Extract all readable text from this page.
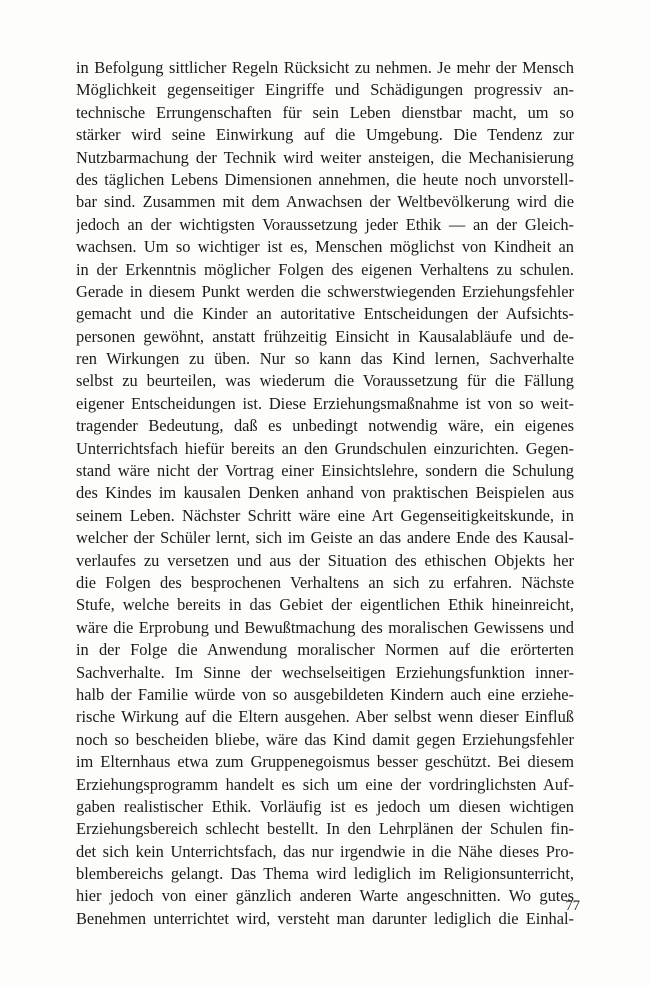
in Befolgung sittlicher Regeln Rücksicht zu nehmen. Je mehr der Mensch
Möglichkeit gegenseitiger Eingriffe und Schädigungen progressiv an-
technische Errungenschaften für sein Leben dienstbar macht, um so
stärker wird seine Einwirkung auf die Umgebung. Die Tendenz zur
Nutzbarmachung der Technik wird weiter ansteigen, die Mechanisierung
des täglichen Lebens Dimensionen annehmen, die heute noch unvorstell-
bar sind. Zusammen mit dem Anwachsen der Weltbevölkerung wird die
jedoch an der wichtigsten Voraussetzung jeder Ethik — an der Gleich-
wachsen. Um so wichtiger ist es, Menschen möglichst von Kindheit an
in der Erkenntnis möglicher Folgen des eigenen Verhaltens zu schulen.
Gerade in diesem Punkt werden die schwerstwiegenden Erziehungsfehler
gemacht und die Kinder an autoritative Entscheidungen der Aufsichts-
personen gewöhnt, anstatt frühzeitig Einsicht in Kausalabläufe und de-
ren Wirkungen zu üben. Nur so kann das Kind lernen, Sachverhalte
selbst zu beurteilen, was wiederum die Voraussetzung für die Fällung
eigener Entscheidungen ist. Diese Erziehungsmaßnahme ist von so weit-
tragender Bedeutung, daß es unbedingt notwendig wäre, ein eigenes
Unterrichtsfach hiefür bereits an den Grundschulen einzurichten. Gegen-
stand wäre nicht der Vortrag einer Einsichtslehre, sondern die Schulung
des Kindes im kausalen Denken anhand von praktischen Beispielen aus
seinem Leben. Nächster Schritt wäre eine Art Gegenseitigkeitskunde, in
welcher der Schüler lernt, sich im Geiste an das andere Ende des Kausal-
verlaufes zu versetzen und aus der Situation des ethischen Objekts her
die Folgen des besprochenen Verhaltens an sich zu erfahren. Nächste
Stufe, welche bereits in das Gebiet der eigentlichen Ethik hineinreicht,
wäre die Erprobung und Bewußtmachung des moralischen Gewissens und
in der Folge die Anwendung moralischer Normen auf die erörterten
Sachverhalte. Im Sinne der wechselseitigen Erziehungsfunktion inner-
halb der Familie würde von so ausgebildeten Kindern auch eine erziehe-
rische Wirkung auf die Eltern ausgehen. Aber selbst wenn dieser Einfluß
noch so bescheiden bliebe, wäre das Kind damit gegen Erziehungsfehler
im Elternhaus etwa zum Gruppenegoismus besser geschützt. Bei diesem
Erziehungsprogramm handelt es sich um eine der vordringlichsten Auf-
gaben realistischer Ethik. Vorläufig ist es jedoch um diesen wichtigen
Erziehungsbereich schlecht bestellt. In den Lehrplänen der Schulen fin-
det sich kein Unterrichtsfach, das nur irgendwie in die Nähe dieses Pro-
blembereichs gelangt. Das Thema wird lediglich im Religionsunterricht,
hier jedoch von einer gänzlich anderen Warte angeschnitten. Wo gutes
Benehmen unterrichtet wird, versteht man darunter lediglich die Einhal-
77
